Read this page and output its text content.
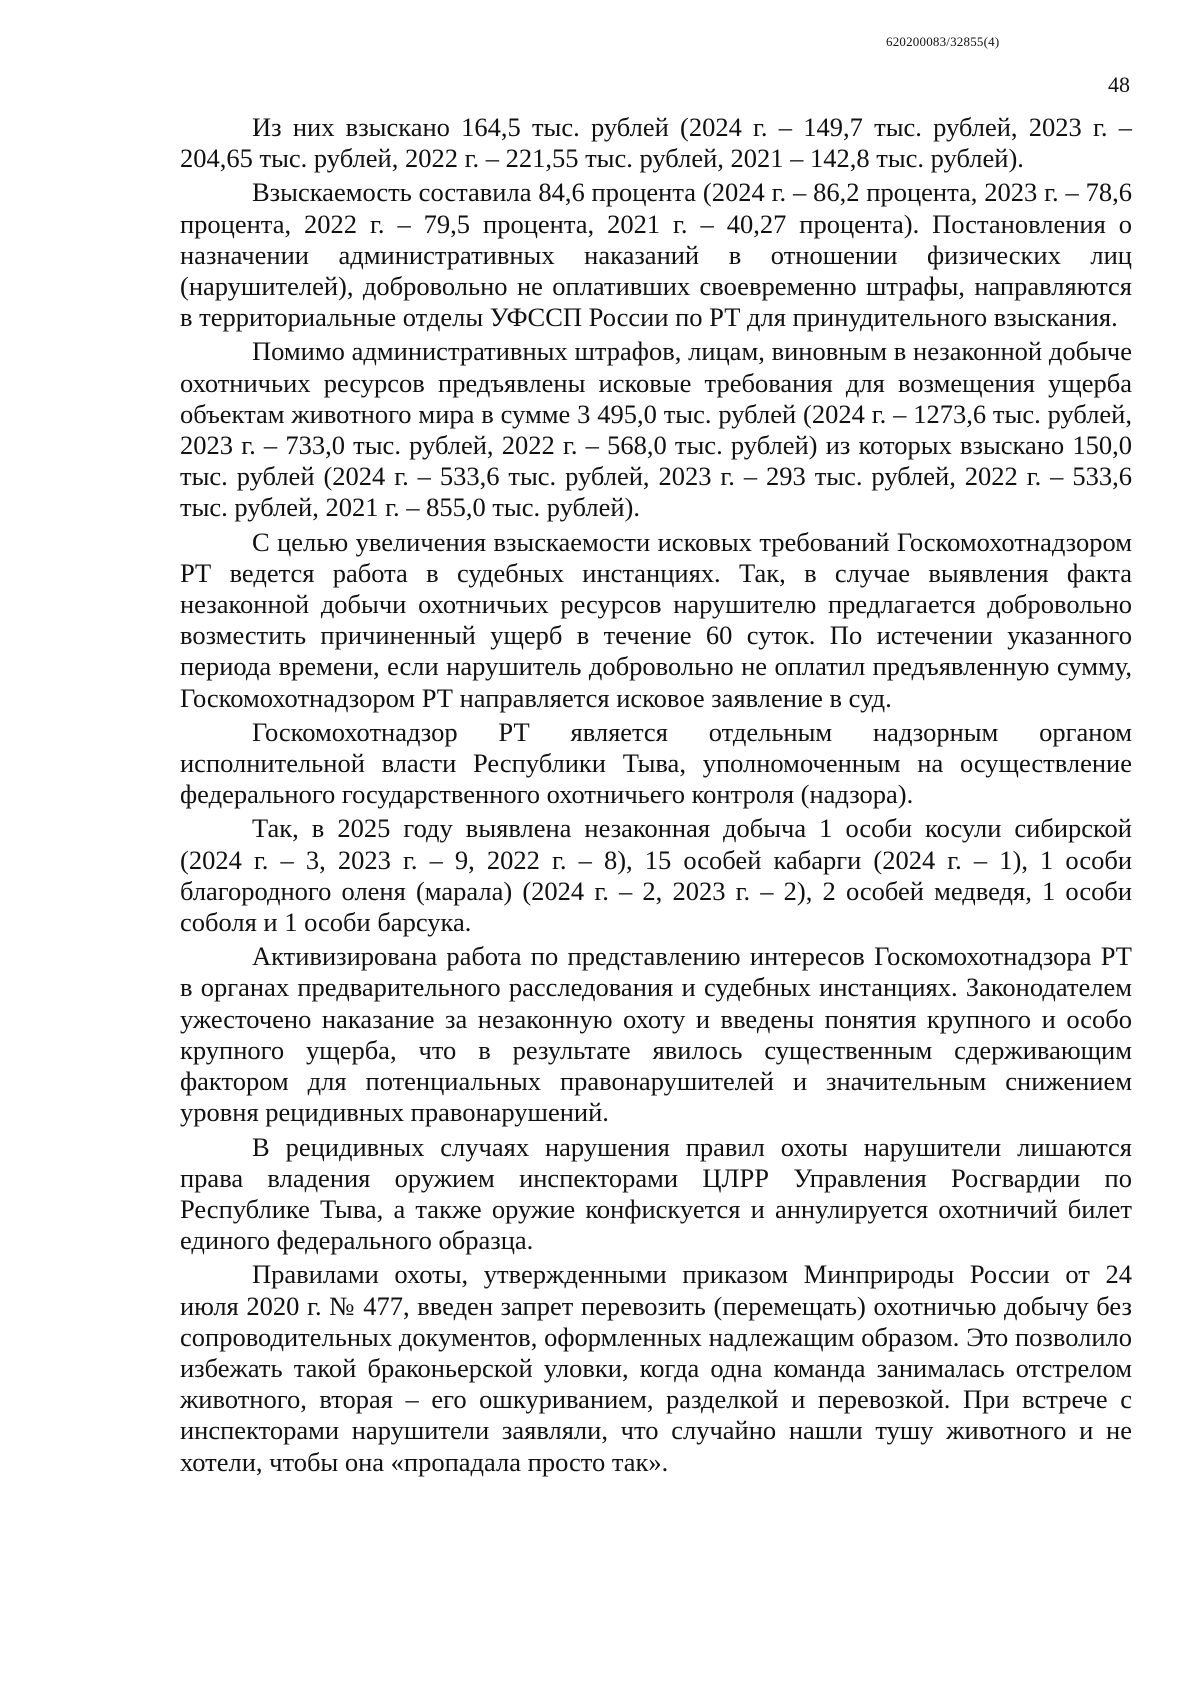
620200083/32855(4)
48

Из них взыскано 164,5 тыс. рублей (2024 г. – 149,7 тыс. рублей, 2023 г. – 204,65 тыс. рублей, 2022 г. – 221,55 тыс. рублей, 2021 – 142,8 тыс. рублей).

Взыскаемость составила 84,6 процента (2024 г. – 86,2 процента, 2023 г. – 78,6 процента, 2022 г. – 79,5 процента, 2021 г. – 40,27 процента). Постановления о назначении административных наказаний в отношении физических лиц (нарушителей), добровольно не оплативших своевременно штрафы, направляются в территориальные отделы УФССП России по РТ для принудительного взыскания.

Помимо административных штрафов, лицам, виновным в незаконной добыче охотничьих ресурсов предъявлены исковые требования для возмещения ущерба объектам животного мира в сумме 3 495,0 тыс. рублей (2024 г. – 1273,6 тыс. рублей, 2023 г. – 733,0 тыс. рублей, 2022 г. – 568,0 тыс. рублей) из которых взыскано 150,0 тыс. рублей (2024 г. – 533,6 тыс. рублей, 2023 г. – 293 тыс. рублей, 2022 г. – 533,6 тыс. рублей, 2021 г. – 855,0 тыс. рублей).

С целью увеличения взыскаемости исковых требований Госкомохотнадзором РТ ведется работа в судебных инстанциях. Так, в случае выявления факта незаконной добычи охотничьих ресурсов нарушителю предлагается добровольно возместить причиненный ущерб в течение 60 суток. По истечении указанного периода времени, если нарушитель добровольно не оплатил предъявленную сумму, Госкомохотнадзором РТ направляется исковое заявление в суд.

Госкомохотнадзор РТ является отдельным надзорным органом исполнительной власти Республики Тыва, уполномоченным на осуществление федерального государственного охотничьего контроля (надзора).

Так, в 2025 году выявлена незаконная добыча 1 особи косули сибирской (2024 г. – 3, 2023 г. – 9, 2022 г. – 8), 15 особей кабарги (2024 г. – 1), 1 особи благородного оленя (марала) (2024 г. – 2, 2023 г. – 2), 2 особей медведя, 1 особи соболя и 1 особи барсука.

Активизирована работа по представлению интересов Госкомохотнадзора РТ в органах предварительного расследования и судебных инстанциях. Законодателем ужесточено наказание за незаконную охоту и введены понятия крупного и особо крупного ущерба, что в результате явилось существенным сдерживающим фактором для потенциальных правонарушителей и значительным снижением уровня рецидивных правонарушений.

В рецидивных случаях нарушения правил охоты нарушители лишаются права владения оружием инспекторами ЦЛРР Управления Росгвардии по Республике Тыва, а также оружие конфискуется и аннулируется охотничий билет единого федерального образца.

Правилами охоты, утвержденными приказом Минприроды России от 24 июля 2020 г. № 477, введен запрет перевозить (перемещать) охотничью добычу без сопроводительных документов, оформленных надлежащим образом. Это позволило избежать такой браконьерской уловки, когда одна команда занималась отстрелом животного, вторая – его ошкуриванием, разделкой и перевозкой. При встрече с инспекторами нарушители заявляли, что случайно нашли тушу животного и не хотели, чтобы она «пропадала просто так».
